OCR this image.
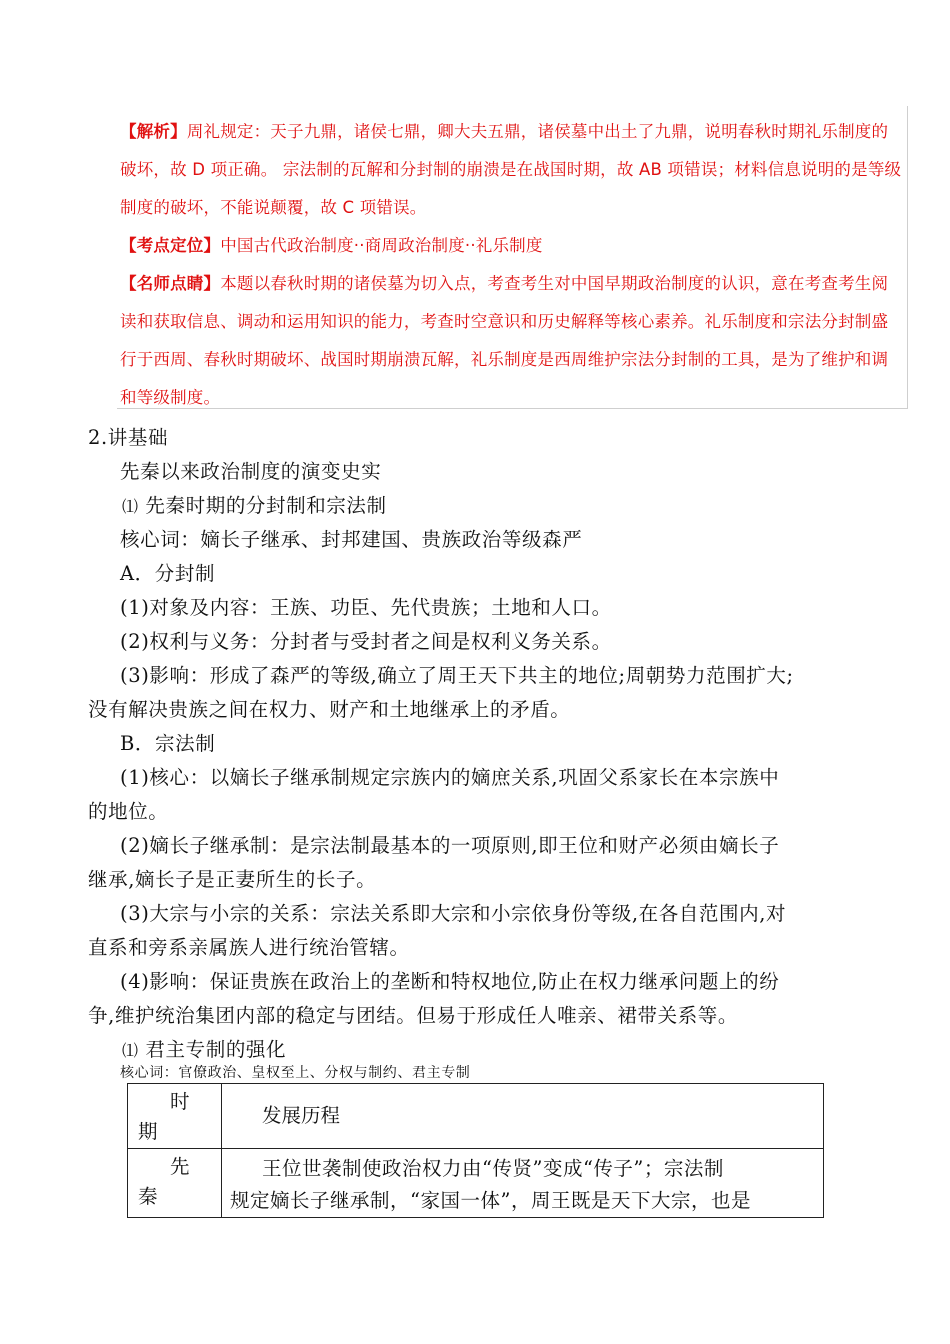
【解析】周礼规定：天子九鼎，诸侯七鼎，卿大夫五鼎，诸侯墓中出土了九鼎，说明春秋时期礼乐制度的
破坏，故 D 项正确。 宗法制的瓦解和分封制的崩溃是在战国时期，故 AB 项错误；材料信息说明的是等级
制度的破坏，不能说颠覆，故 C 项错误。
【考点定位】中国古代政治制度··商周政治制度··礼乐制度
【名师点睛】本题以春秋时期的诸侯墓为切入点，考查考生对中国早期政治制度的认识，意在考查考生阅
读和获取信息、调动和运用知识的能力，考查时空意识和历史解释等核心素养。礼乐制度和宗法分封制盛
行于西周、春秋时期破坏、战国时期崩溃瓦解，礼乐制度是西周维护宗法分封制的工具，是为了维护和调
和等级制度。
2.讲基础
先秦以来政治制度的演变史实
⑴ 先秦时期的分封制和宗法制
核心词：嫡长子继承、封邦建国、贵族政治等级森严
A．分封制
(1)对象及内容：王族、功臣、先代贵族；土地和人口。
(2)权利与义务：分封者与受封者之间是权利义务关系。
(3)影响：形成了森严的等级,确立了周王天下共主的地位;周朝势力范围扩大;
没有解决贵族之间在权力、财产和土地继承上的矛盾。
B．宗法制
(1)核心：以嫡长子继承制规定宗族内的嫡庶关系,巩固父系家长在本宗族中
的地位。
(2)嫡长子继承制：是宗法制最基本的一项原则,即王位和财产必须由嫡长子
继承,嫡长子是正妻所生的长子。
(3)大宗与小宗的关系：宗法关系即大宗和小宗依身份等级,在各自范围内,对
直系和旁系亲属族人进行统治管辖。
(4)影响：保证贵族在政治上的垄断和特权地位,防止在权力继承问题上的纷
争,维护统治集团内部的稳定与团结。但易于形成任人唯亲、裙带关系等。
⑴ 君主专制的强化
核心词：官僚政治、皇权至上、分权与制约、君主专制
时
期	发展历程

先
秦	王位世袭制使政治权力由“传贤”变成“传子”；宗法制
规定嫡长子继承制，“家国一体”，周王既是天下大宗，也是
